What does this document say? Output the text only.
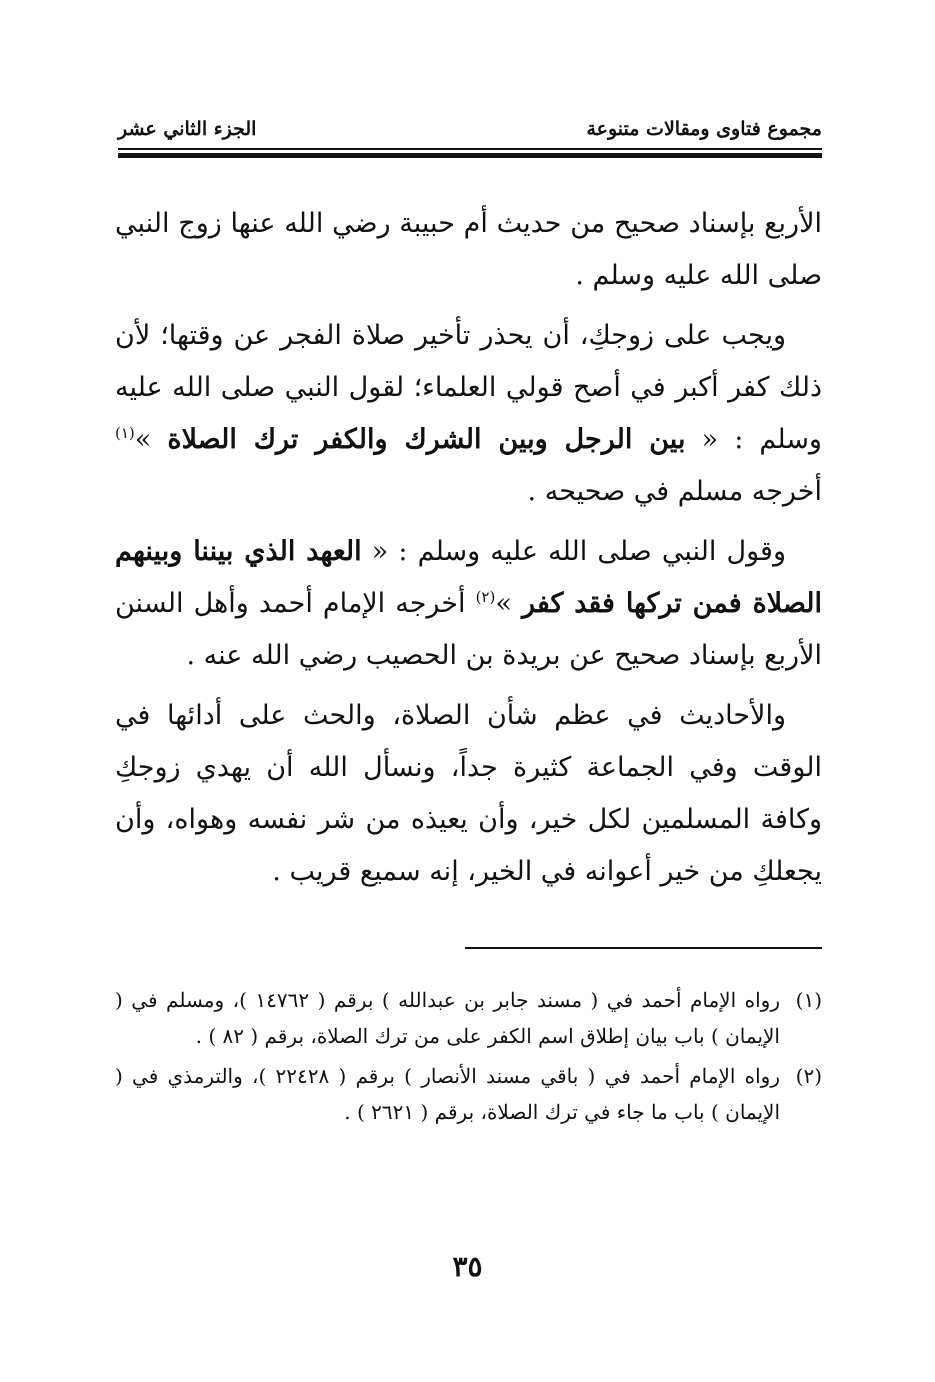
مجموع فتاوى ومقالات متنوعة
الجزء الثاني عشر

الأربع بإسناد صحيح من حديث أم حبيبة رضي الله عنها زوج النبي صلى الله عليه وسلم .

ويجب على زوجكِ، أن يحذر تأخير صلاة الفجر عن وقتها؛ لأن ذلك كفر أكبر في أصح قولي العلماء؛ لقول النبي صلى الله عليه وسلم : « بين الرجل وبين الشرك والكفر ترك الصلاة »$^{(١)}$ أخرجه مسلم في صحيحه .

وقول النبي صلى الله عليه وسلم : « العهد الذي بيننا وبينهم الصلاة فمن تركها فقد كفر »$^{(٢)}$ أخرجه الإمام أحمد وأهل السنن الأربع بإسناد صحيح عن بريدة بن الحصيب رضي الله عنه .

والأحاديث في عظم شأن الصلاة، والحث على أدائها في الوقت وفي الجماعة كثيرة جداً، ونسأل الله أن يهدي زوجكِ وكافة المسلمين لكل خير، وأن يعيذه من شر نفسه وهواه، وأن يجعلكِ من خير أعوانه في الخير، إنه سميع قريب .

(١)
رواه الإمام أحمد في ( مسند جابر بن عبدالله ) برقم ( ١٤٧٦٢ )، ومسلم في ( الإيمان ) باب بيان إطلاق اسم الكفر على من ترك الصلاة، برقم ( ٨٢ ) .
(٢)
رواه الإمام أحمد في ( باقي مسند الأنصار ) برقم ( ٢٢٤٢٨ )، والترمذي في ( الإيمان ) باب ما جاء في ترك الصلاة، برقم ( ٢٦٢١ ) .
٣٥
